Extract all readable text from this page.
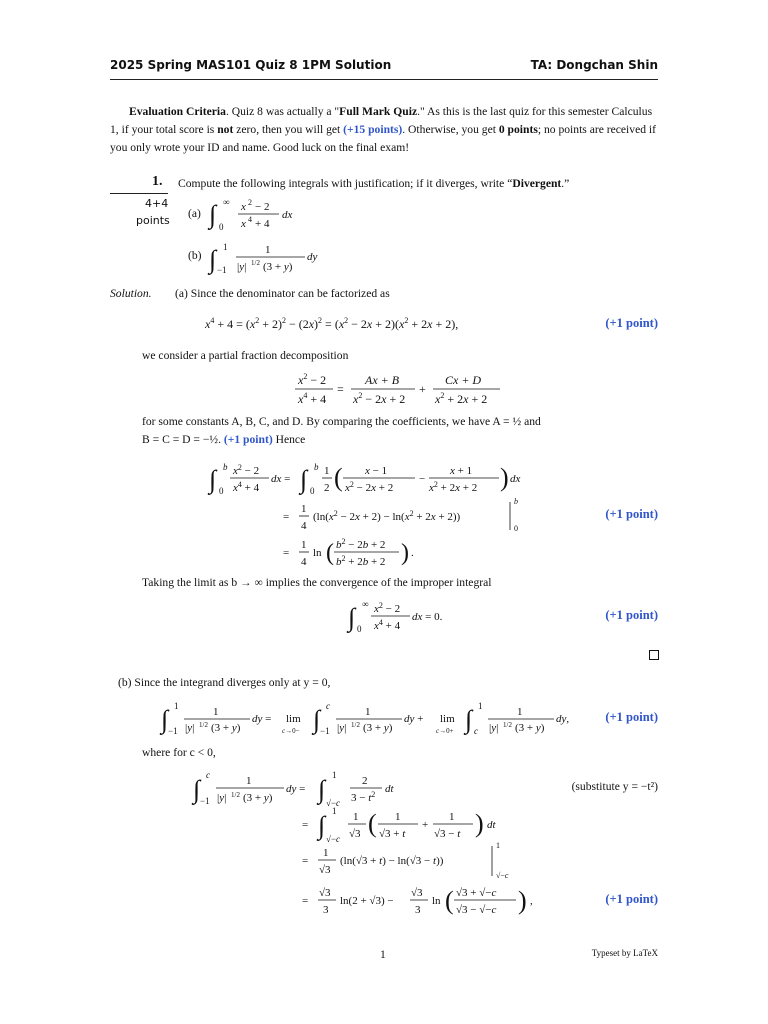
2025 Spring MAS101 Quiz 8 1PM Solution	TA: Dongchan Shin
Evaluation Criteria. Quiz 8 was actually a "Full Mark Quiz." As this is the last quiz for this semester Calculus 1, if your total score is not zero, then you will get (+15 points). Otherwise, you get 0 points; no points are received if you only wrote your ID and name. Good luck on the final exam!
1.
4+4
points
Compute the following integrals with justification; if it diverges, write “Divergent.”
(a)
(b)
∫ ∞
0
x 2 − 2
x 4 + 4
dx
∫ 1
−1
1
|y| 1/2 (3 + y)
dy
Solution. (a) Since the denominator can be factorized as
$x^4 + 4 = (x^2 + 2)^2 - (2x)^2 = (x^2 - 2x + 2)(x^2 + 2x + 2)$,	(+1 point)
we consider a partial fraction decomposition
$x^2 - 2$
$x^4 + 4$
=
Ax + B
$x^2 - 2x + 2$
+
Cx + D
$x^2 + 2x + 2$
for some constants A, B, C, and D. By comparing the coefficients, we have A = ½ and
B = C = D = −½. (+1 point) Hence
∫ b
0
$x^2 - 2$
$x^4 + 4$
dx = ∫ b
0
1
2 ( x − 1
$x^2 - 2x + 2$
−
x + 1
$x^2 + 2x + 2$ ) dx
=
1
4
$(\ln(x^2 - 2x + 2) - \ln(x^2 + 2x + 2))$
b
0
=
1
4
ln ( $b^2 - 2b + 2$
$b^2 + 2b + 2$ ) .
(+1 point)
Taking the limit as b → ∞ implies the convergence of the improper integral
∫ ∞
0
$x^2 - 2$
$x^4 + 4$
dx = 0.	(+1 point)
(b) Since the integrand diverges only at y = 0,
∫ 1
−1
1
|y| 1/2 (3 + y)
dy = lim
c→0− ∫ c
−1
1
|y| 1/2 (3 + y)
dy + lim
c→0+ ∫ 1
c
1
|y| 1/2 (3 + y)
dy,	(+1 point)
where for c < 0,
∫ c
−1
1
|y| 1/2 (3 + y)
dy = ∫ 1
√−c
2
$3 - t^2$ dt
= ∫ 1
√−c
1
√3 ( 1
√3 + t
+
1
√3 − t ) dt
=
1
√3
(ln(√3 + t) − ln(√3 − t))
1
√−c
=
√3
3
ln(2 + √3) −
√3
3
ln ( √3 + √−c
√3 − √−c ) ,
(substitute y = −t²)
(+1 point)
1	Typeset by LaTeX
